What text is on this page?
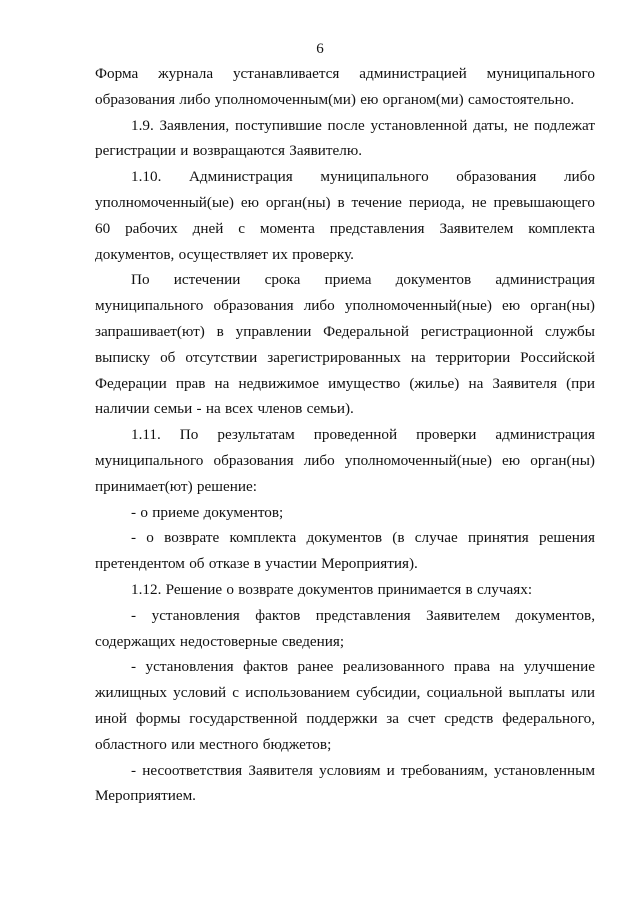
6

Форма журнала устанавливается администрацией муниципального образования либо уполномоченным(ми) ею органом(ми) самостоятельно.

1.9. Заявления, поступившие после установленной даты, не подлежат регистрации и возвращаются Заявителю.

1.10. Администрация муниципального образования либо уполномоченный(ые) ею орган(ны) в течение периода, не превышающего 60 рабочих дней с момента представления Заявителем комплекта документов, осуществляет их проверку.

По истечении срока приема документов администрация муниципального образования либо уполномоченный(ные) ею орган(ны) запрашивает(ют) в управлении Федеральной регистрационной службы выписку об отсутствии зарегистрированных на территории Российской Федерации прав на недвижимое имущество (жилье) на Заявителя (при наличии семьи - на всех членов семьи).

1.11. По результатам проведенной проверки администрация муниципального образования либо уполномоченный(ные) ею орган(ны) принимает(ют) решение:

- о приеме документов;

- о возврате комплекта документов (в случае принятия решения претендентом об отказе в участии Мероприятия).

1.12. Решение о возврате документов принимается в случаях:

- установления фактов представления Заявителем документов, содержащих недостоверные сведения;

- установления фактов ранее реализованного права на улучшение жилищных условий с использованием субсидии, социальной выплаты или иной формы государственной поддержки за счет средств федерального, областного или местного бюджетов;

- несоответствия Заявителя условиям и требованиям, установленным Мероприятием.
